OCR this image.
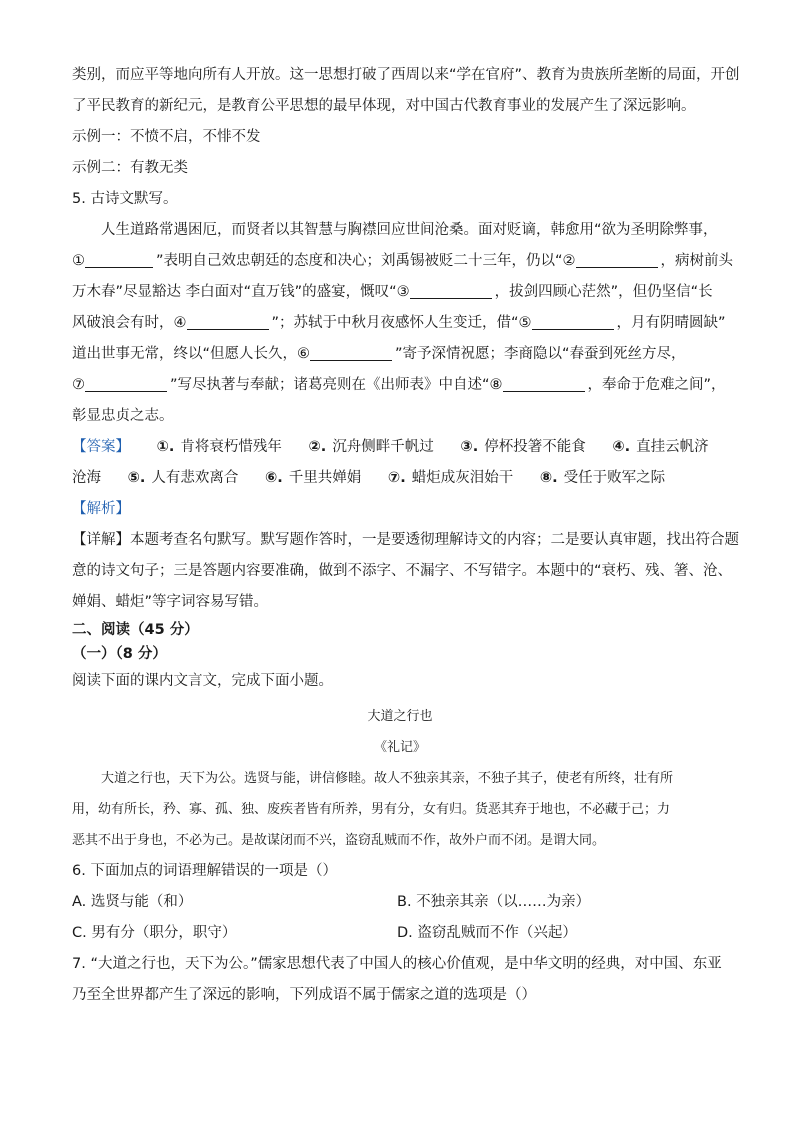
类别，而应平等地向所有人开放。这一思想打破了西周以来“学在官府”、教育为贵族所垄断的局面，开创
了平民教育的新纪元，是教育公平思想的最早体现，对中国古代教育事业的发展产生了深远影响。
示例一：不愤不启，不悱不发
示例二：有教无类
5. 古诗文默写。
人生道路常遇困厄，而贤者以其智慧与胸襟回应世间沧桑。面对贬谪，韩愈用“欲为圣明除弊事，
①	”表明自己效忠朝廷的态度和决心；刘禹锡被贬二十三年，仍以“②	，病树前头
万木春”尽显豁达 李白面对“直万钱”的盛宴，慨叹“③	，拔剑四顾心茫然”，但仍坚信“长
风破浪会有时，④	”；苏轼于中秋月夜感怀人生变迁，借“⑤	，月有阴晴圆缺”
道出世事无常，终以“但愿人长久，⑥	”寄予深情祝愿；李商隐以“春蚕到死丝方尽，
⑦	”写尽执著与奉献；诸葛亮则在《出师表》中自述“⑧	，奉命于危难之间”，
彰显忠贞之志。
【答案】 ①. 肯将衰朽惜残年 ②. 沉舟侧畔千帆过 ③. 停杯投箸不能食 ④. 直挂云帆济
沧海 ⑤. 人有悲欢离合 ⑥. 千里共婵娟 ⑦. 蜡炬成灰泪始干 ⑧. 受任于败军之际
【解析】
【详解】本题考查名句默写。默写题作答时，一是要透彻理解诗文的内容；二是要认真审题，找出符合题
意的诗文句子；三是答题内容要准确，做到不添字、不漏字、不写错字。本题中的“衰朽、残、箸、沧、
婵娟、蜡炬”等字词容易写错。
二、阅读（45 分）
（一）（8 分）
阅读下面的课内文言文，完成下面小题。
大道之行也
《礼记》
大道之行也，天下为公。选贤与能，讲信修睦。故人不独亲其亲，不独子其子，使老有所终，壮有所
用，幼有所长，矜、寡、孤、独、废疾者皆有所养，男有分，女有归。货恶其弃于地也，不必藏于己；力
恶其不出于身也，不必为己。是故谋闭而不兴，盗窃乱贼而不作，故外户而不闭。是谓大同。
6. 下面加点的词语理解错误的一项是（）
A. 选贤与能（和）	B. 不独亲其亲（以……为亲）
C. 男有分（职分，职守）	D. 盗窃乱贼而不作（兴起）
7. “大道之行也，天下为公。”儒家思想代表了中国人的核心价值观，是中华文明的经典，对中国、东亚
乃至全世界都产生了深远的影响，下列成语不属于儒家之道的选项是（）
